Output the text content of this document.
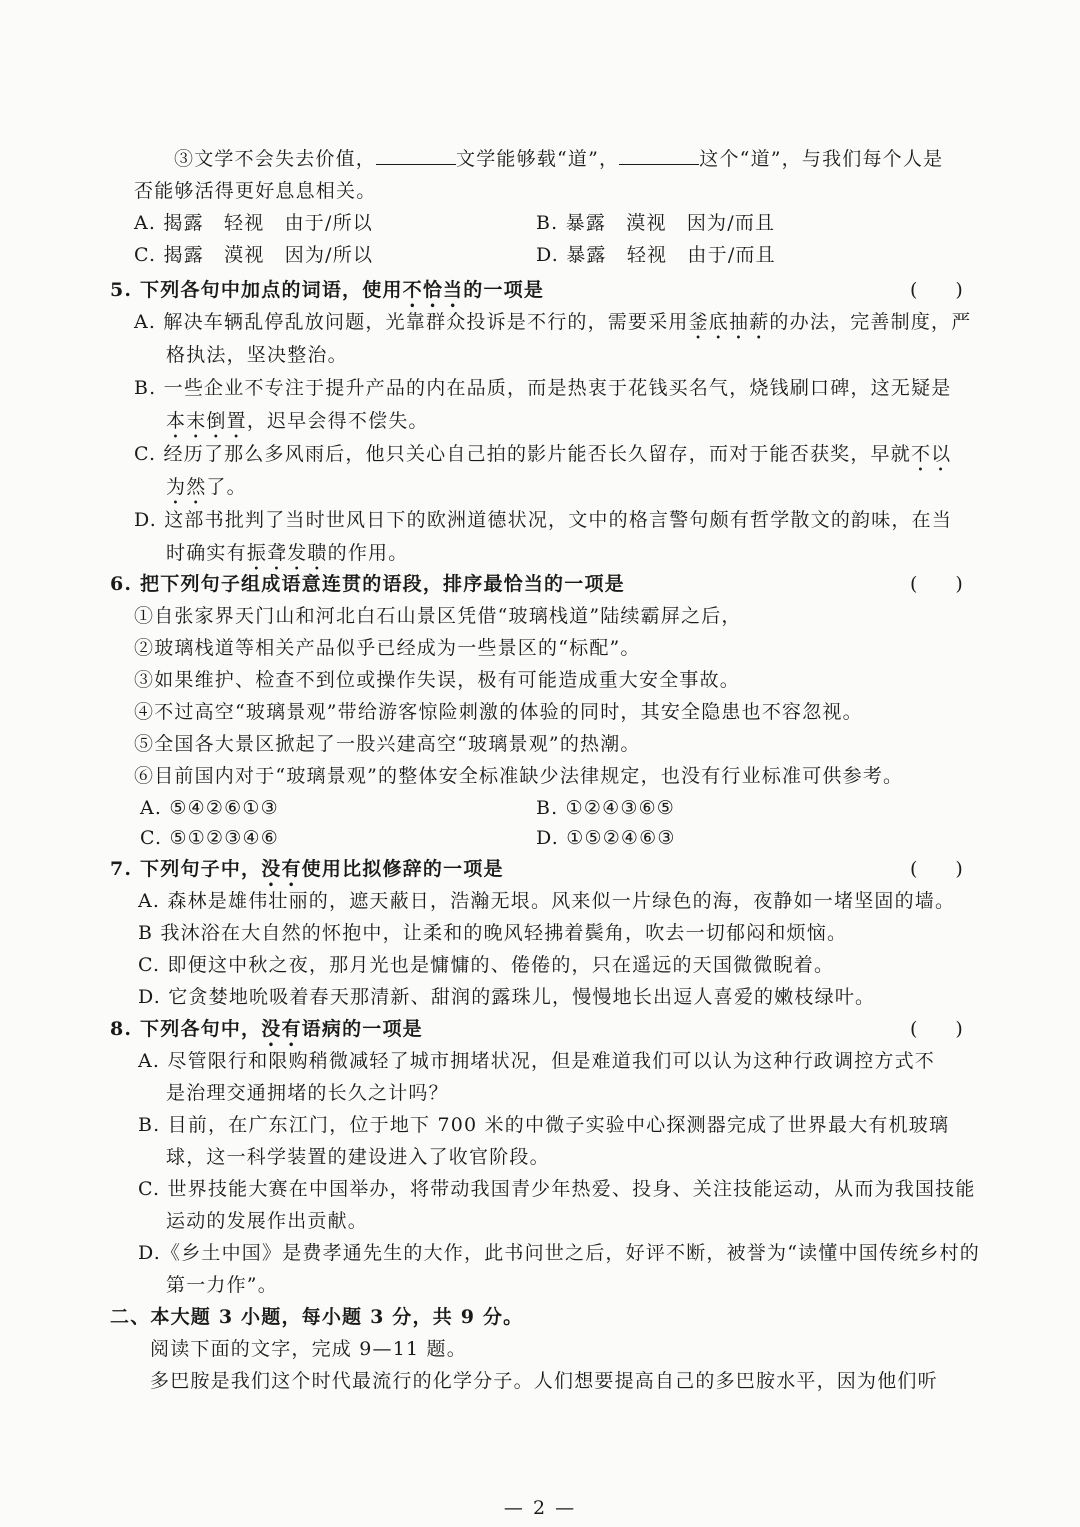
③文学不会失去价值，	文学能够载“道”，	这个“道”，与我们每个人是
否能够活得更好息息相关。
A. 揭露　轻视　由于/所以	B. 暴露　漠视　因为/而且
C. 揭露　漠视　因为/所以	D. 暴露　轻视　由于/而且
5. 下列各句中加点的词语，使用不恰当的一项是	(　　)
A. 解决车辆乱停乱放问题，光靠群众投诉是不行的，需要采用釜底抽薪的办法，完善制度，严
格执法，坚决整治。
B. 一些企业不专注于提升产品的内在品质，而是热衷于花钱买名气，烧钱刷口碑，这无疑是
本末倒置，迟早会得不偿失。
C. 经历了那么多风雨后，他只关心自己拍的影片能否长久留存，而对于能否获奖，早就不以
为然了。
D. 这部书批判了当时世风日下的欧洲道德状况，文中的格言警句颇有哲学散文的韵味，在当
时确实有振聋发聩的作用。
6. 把下列句子组成语意连贯的语段，排序最恰当的一项是	(　　)
①自张家界天门山和河北白石山景区凭借“玻璃栈道”陆续霸屏之后，
②玻璃栈道等相关产品似乎已经成为一些景区的“标配”。
③如果维护、检查不到位或操作失误，极有可能造成重大安全事故。
④不过高空“玻璃景观”带给游客惊险刺激的体验的同时，其安全隐患也不容忽视。
⑤全国各大景区掀起了一股兴建高空“玻璃景观”的热潮。
⑥目前国内对于“玻璃景观”的整体安全标准缺少法律规定，也没有行业标准可供参考。
A. ⑤④②⑥①③	B. ①②④③⑥⑤
C. ⑤①②③④⑥	D. ①⑤②④⑥③
7. 下列句子中，没有使用比拟修辞的一项是	(　　)
A. 森林是雄伟壮丽的，遮天蔽日，浩瀚无垠。风来似一片绿色的海，夜静如一堵坚固的墙。
B 我沐浴在大自然的怀抱中，让柔和的晚风轻拂着鬓角，吹去一切郁闷和烦恼。
C. 即便这中秋之夜，那月光也是慵慵的、倦倦的，只在遥远的天国微微睨着。
D. 它贪婪地吮吸着春天那清新、甜润的露珠儿，慢慢地长出逗人喜爱的嫩枝绿叶。
8. 下列各句中，没有语病的一项是	(　　)
A. 尽管限行和限购稍微减轻了城市拥堵状况，但是难道我们可以认为这种行政调控方式不
是治理交通拥堵的长久之计吗？
B. 目前，在广东江门，位于地下 700 米的中微子实验中心探测器完成了世界最大有机玻璃
球，这一科学装置的建设进入了收官阶段。
C. 世界技能大赛在中国举办，将带动我国青少年热爱、投身、关注技能运动，从而为我国技能
运动的发展作出贡献。
D.《乡土中国》是费孝通先生的大作，此书问世之后，好评不断，被誉为“读懂中国传统乡村的
第一力作”。
二、本大题 3 小题，每小题 3 分，共 9 分。
阅读下面的文字，完成 9—11 题。
多巴胺是我们这个时代最流行的化学分子。人们想要提高自己的多巴胺水平，因为他们听
— 2 —
